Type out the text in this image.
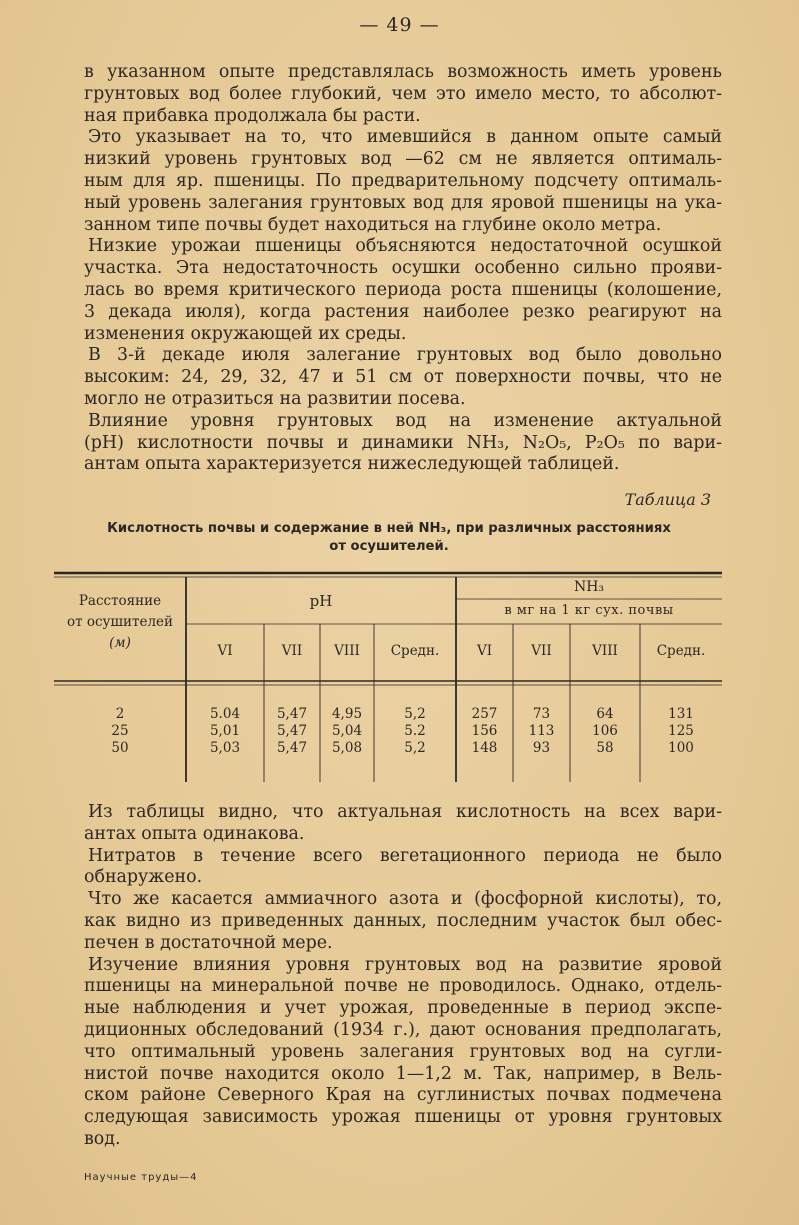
— 49 —
в указанном опыте представлялась возможность иметь уровень
грунтовых вод более глубокий, чем это имело место, то абсолют-
ная прибавка продолжала бы расти.
Это указывает на то, что имевшийся в данном опыте самый
низкий уровень грунтовых вод —62 см не является оптималь-
ным для яр. пшеницы. По предварительному подсчету оптималь-
ный уровень залегания грунтовых вод для яровой пшеницы на ука-
занном типе почвы будет находиться на глубине около метра.
Низкие урожаи пшеницы объясняются недостаточной осушкой
участка. Эта недостаточность осушки особенно сильно прояви-
лась во время критического периода роста пшеницы (колошение,
3 декада июля), когда растения наиболее резко реагируют на
изменения окружающей их среды.
В 3-й декаде июля залегание грунтовых вод было довольно
высоким: 24, 29, 32, 47 и 51 см от поверхности почвы, что не
могло не отразиться на развитии посева.
Влияние уровня грунтовых вод на изменение актуальной
(pH) кислотности почвы и динамики NH₃, N₂O₅, P₂O₅ по вари-
антам опыта характеризуется нижеследующей таблицей.
Таблица 3
Кислотность почвы и содержание в ней NH₃, при различных расстояниях
от осушителей.
Расстояние
от осушителей
(м)
pH
NH₃
в мг на 1 кг сух. почвы
VI	VII	VIII	Средн.	VI	VII	VIII	Средн.
2	5.04	5,47	4,95	5,2	257	73	64	131
25	5,01	5,47	5,04	5.2	156	113	106	125
50	5,03	5,47	5,08	5,2	148	93	58	100
Из таблицы видно, что актуальная кислотность на всех вари-
антах опыта одинакова.
Нитратов в течение всего вегетационного периода не было
обнаружено.
Что же касается аммиачного азота и (фосфорной кислоты), то,
как видно из приведенных данных, последним участок был обес-
печен в достаточной мере.
Изучение влияния уровня грунтовых вод на развитие яровой
пшеницы на минеральной почве не проводилось. Однако, отдель-
ные наблюдения и учет урожая, проведенные в период экспе-
диционных обследований (1934 г.), дают основания предполагать,
что оптимальный уровень залегания грунтовых вод на сугли-
нистой почве находится около 1—1,2 м. Так, например, в Вель-
ском районе Северного Края на суглинистых почвах подмечена
следующая зависимость урожая пшеницы от уровня грунтовых
вод.
Научные труды—4
